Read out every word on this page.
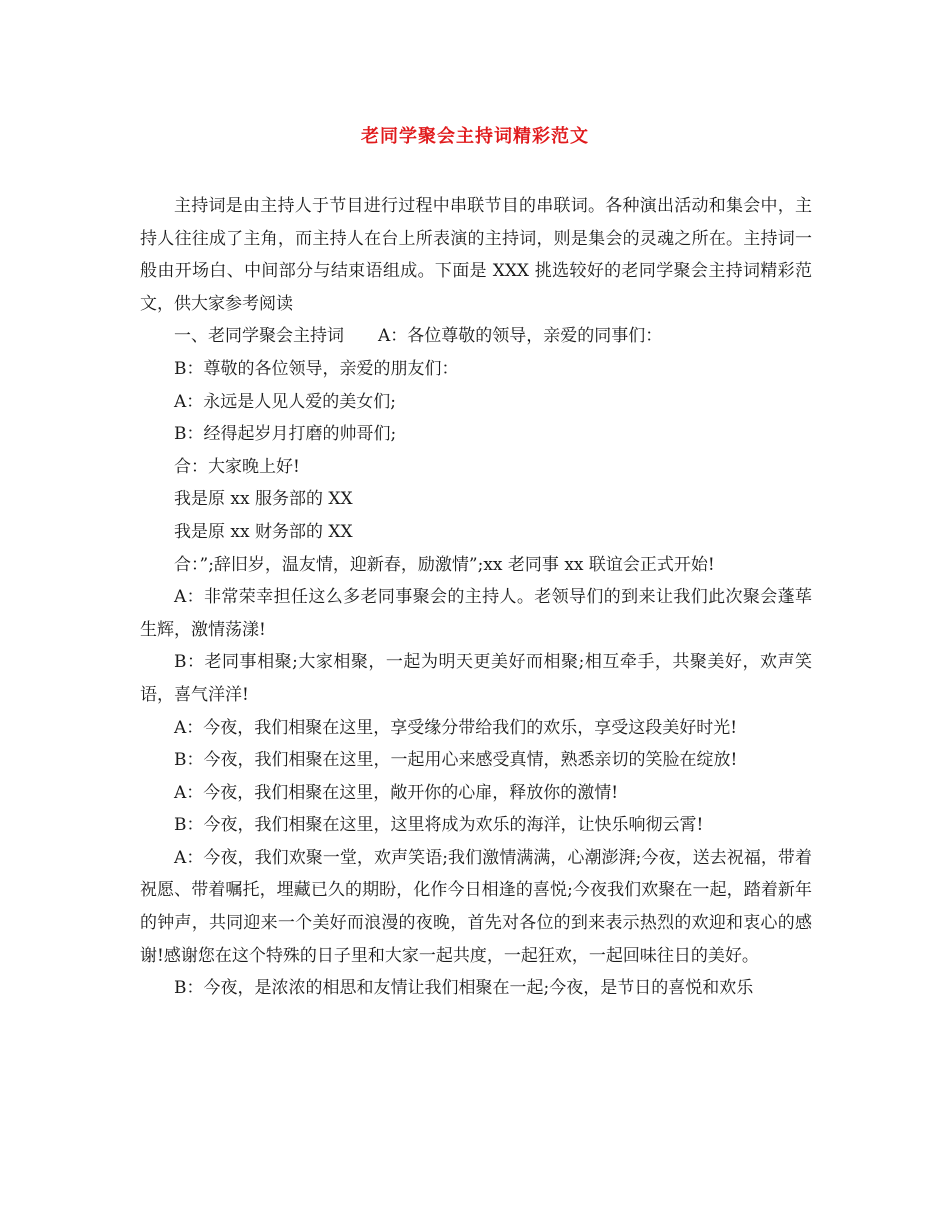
老同学聚会主持词精彩范文

主持词是由主持人于节目进行过程中串联节目的串联词。各种演出活动和集会中，主持人往往成了主角，而主持人在台上所表演的主持词，则是集会的灵魂之所在。主持词一般由开场白、中间部分与结束语组成。下面是 XXX 挑选较好的老同学聚会主持词精彩范文，供大家参考阅读

一、老同学聚会主持词　　A：各位尊敬的领导，亲爱的同事们：

B：尊敬的各位领导，亲爱的朋友们：

A：永远是人见人爱的美女们;

B：经得起岁月打磨的帅哥们;

合：大家晚上好!

我是原 xx 服务部的 XX

我是原 xx 财务部的 XX

合：”;辞旧岁，温友情，迎新春，励激情”;xx 老同事 xx 联谊会正式开始!

A：非常荣幸担任这么多老同事聚会的主持人。老领导们的到来让我们此次聚会蓬荜生辉，激情荡漾!

B：老同事相聚;大家相聚，一起为明天更美好而相聚;相互牵手，共聚美好，欢声笑语，喜气洋洋!

A：今夜，我们相聚在这里，享受缘分带给我们的欢乐，享受这段美好时光!

B：今夜，我们相聚在这里，一起用心来感受真情，熟悉亲切的笑脸在绽放!

A：今夜，我们相聚在这里，敞开你的心扉，释放你的激情!

B：今夜，我们相聚在这里，这里将成为欢乐的海洋，让快乐响彻云霄!

A：今夜，我们欢聚一堂，欢声笑语;我们激情满满，心潮澎湃;今夜，送去祝福，带着祝愿、带着嘱托，埋藏已久的期盼，化作今日相逢的喜悦;今夜我们欢聚在一起，踏着新年的钟声，共同迎来一个美好而浪漫的夜晚，首先对各位的到来表示热烈的欢迎和衷心的感谢!感谢您在这个特殊的日子里和大家一起共度，一起狂欢，一起回味往日的美好。

B：今夜，是浓浓的相思和友情让我们相聚在一起;今夜，是节日的喜悦和欢乐
